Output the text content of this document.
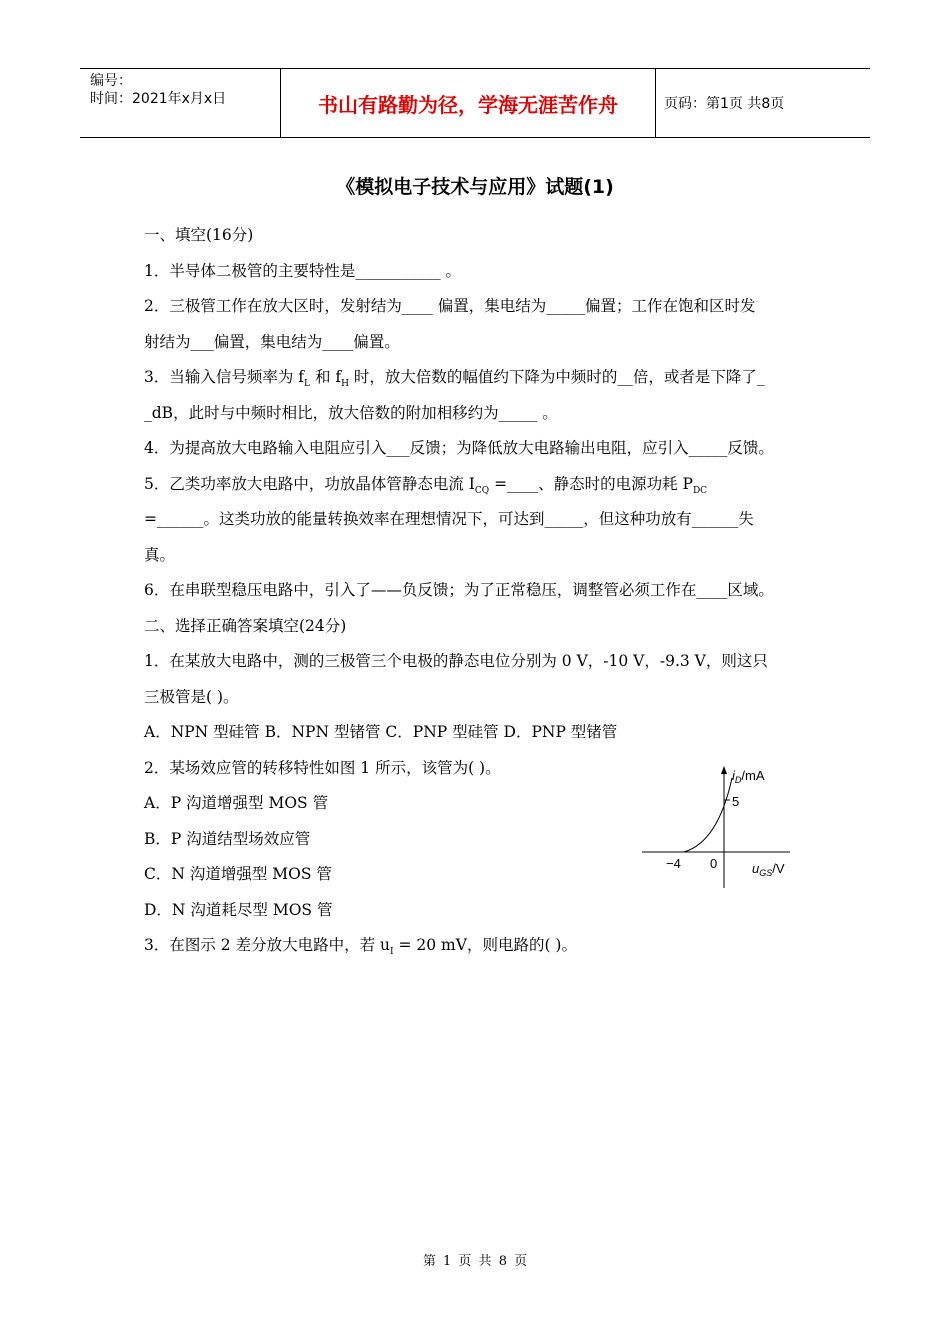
编号：
时间：2021年x月x日	书山有路勤为径，学海无涯苦作舟	页码：第1页 共8页
《模拟电子技术与应用》试题(1)
一、填空(16分)
1．半导体二极管的主要特性是___________ 。
2．三极管工作在放大区时，发射结为____ 偏置，集电结为_____偏置；工作在饱和区时发
射结为___偏置，集电结为____偏置。
3．当输入信号频率为 $f_L$ 和 $f_H$ 时，放大倍数的幅值约下降为中频时的__倍，或者是下降了_
_dB，此时与中频时相比，放大倍数的附加相移约为_____ 。
4．为提高放大电路输入电阻应引入___反馈；为降低放大电路输出电阻，应引入_____反馈。
5．乙类功率放大电路中，功放晶体管静态电流 $I_{CQ}$ =____、静态时的电源功耗 $P_{DC}$
=______。这类功放的能量转换效率在理想情况下，可达到_____，但这种功放有______失
真。
6．在串联型稳压电路中，引入了——负反馈；为了正常稳压，调整管必须工作在____区域。
二、选择正确答案填空(24分)
1．在某放大电路中，测的三极管三个电极的静态电位分别为 0 V，-10 V，-9.3 V，则这只
三极管是( )。
A．NPN 型硅管 B．NPN 型锗管 C．PNP 型硅管 D．PNP 型锗管
2．某场效应管的转移特性如图 1 所示，该管为( )。
A．P 沟道增强型 MOS 管
B．P 沟道结型场效应管
C．N 沟道增强型 MOS 管
D．N 沟道耗尽型 MOS 管
3．在图示 2 差分放大电路中，若 $u_I = 20$ mV，则电路的( )。
$i_D/mA$
5
−4 0	$u_{GS}/V$
第 1 页 共 8 页
